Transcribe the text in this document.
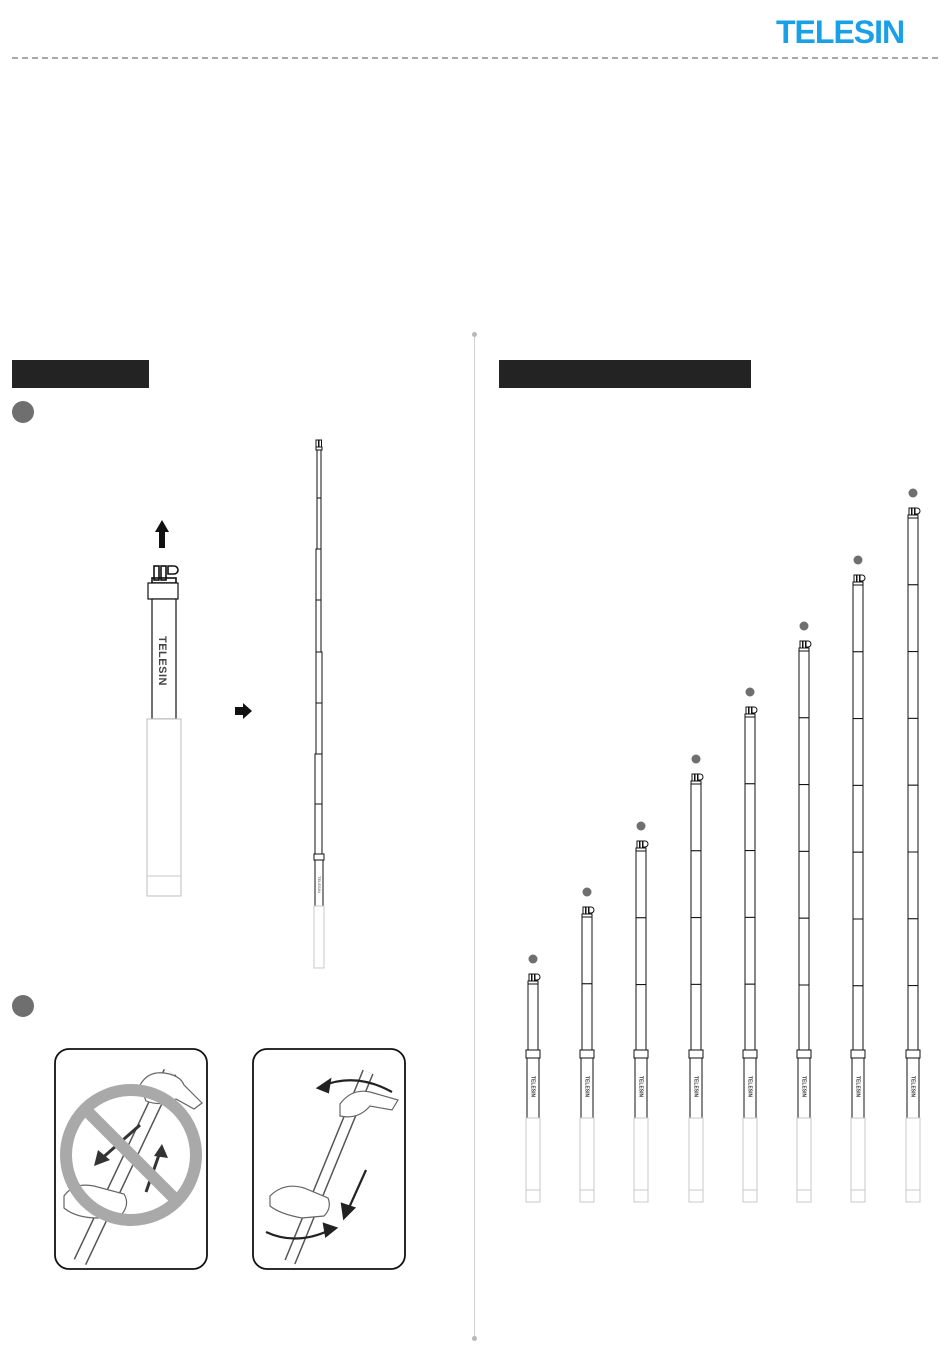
TELESIN
TELESIN
TELESIN
TELESIN	TELESIN	TELESIN	TELESIN	TELESIN	TELESIN	TELESIN	TELESIN
